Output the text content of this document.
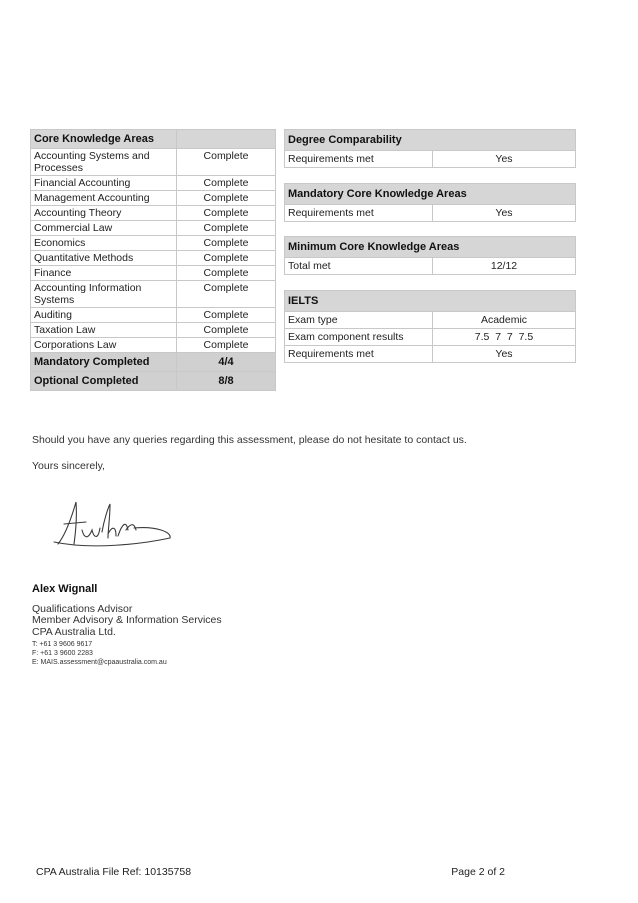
Core Knowledge Areas	
Accounting Systems and Processes	Complete
Financial Accounting	Complete
Management Accounting	Complete
Accounting Theory	Complete
Commercial Law	Complete
Economics	Complete
Quantitative Methods	Complete
Finance	Complete
Accounting Information Systems	Complete
Auditing	Complete
Taxation Law	Complete
Corporations Law	Complete
Mandatory Completed	4/4
Optional Completed	8/8
Degree Comparability
Requirements met	Yes
Mandatory Core Knowledge Areas
Requirements met	Yes
Minimum Core Knowledge Areas
Total met	12/12
IELTS	
Exam type	Academic
Exam component results	7.5  7  7  7.5
Requirements met	Yes
Should you have any queries regarding this assessment, please do not hesitate to contact us.
Yours sincerely,
Alex Wignall
Qualifications Advisor
Member Advisory & Information Services
CPA Australia Ltd.
T: +61 3 9606 9617
F: +61 3 9600 2283
E: MAIS.assessment@cpaaustralia.com.au
CPA Australia File Ref: 10135758	Page 2 of 2
